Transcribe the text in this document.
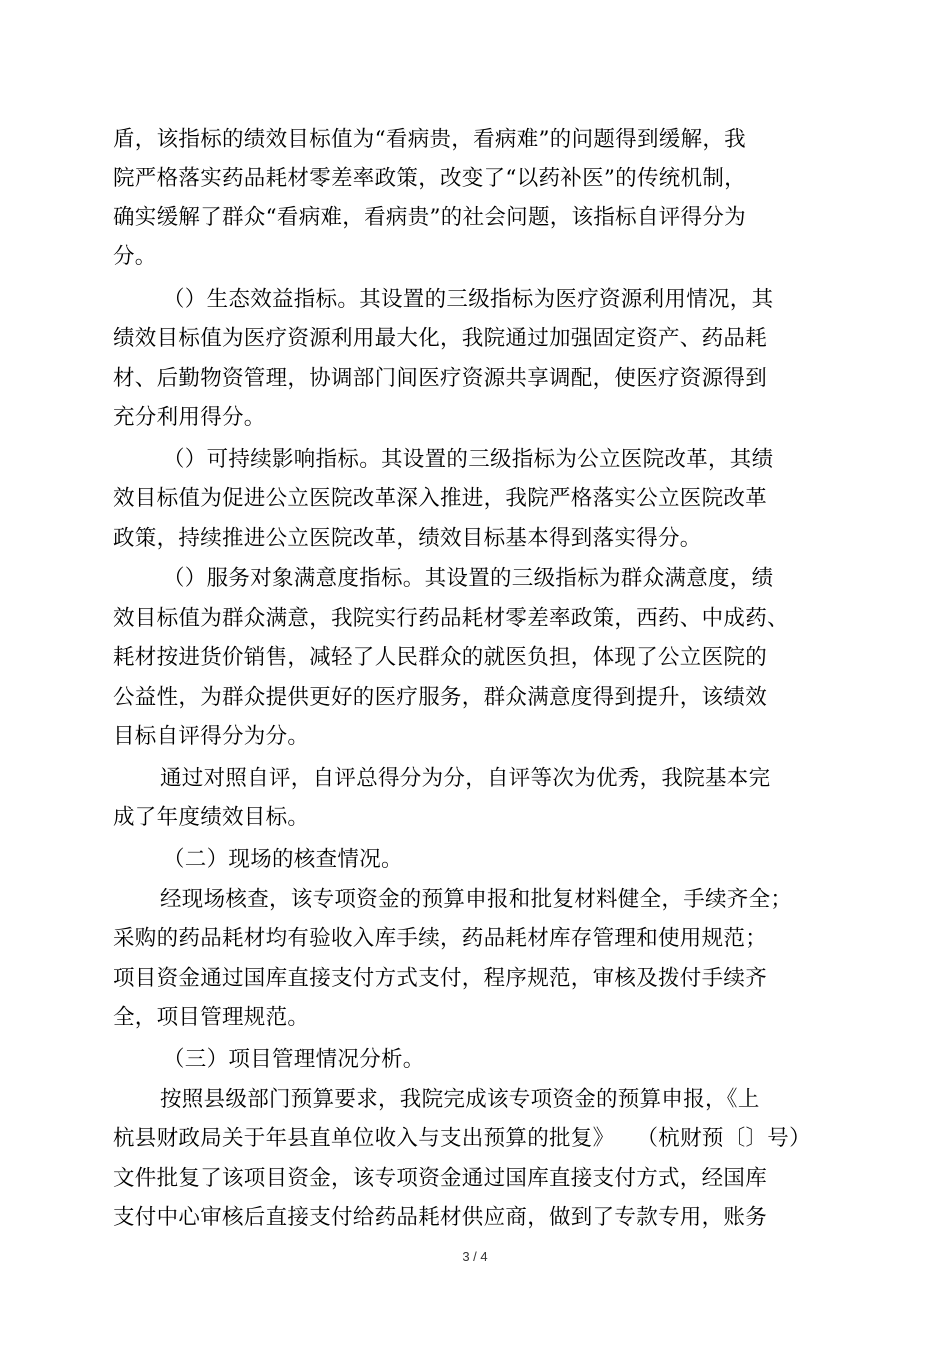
盾，该指标的绩效目标值为“看病贵，看病难”的问题得到缓解，我
院严格落实药品耗材零差率政策，改变了“以药补医”的传统机制，
确实缓解了群众“看病难，看病贵”的社会问题，该指标自评得分为
分。
（）生态效益指标。其设置的三级指标为医疗资源利用情况，其
绩效目标值为医疗资源利用最大化，我院通过加强固定资产、药品耗
材、后勤物资管理，协调部门间医疗资源共享调配，使医疗资源得到
充分利用得分。
（）可持续影响指标。其设置的三级指标为公立医院改革，其绩
效目标值为促进公立医院改革深入推进，我院严格落实公立医院改革
政策，持续推进公立医院改革，绩效目标基本得到落实得分。
（）服务对象满意度指标。其设置的三级指标为群众满意度，绩
效目标值为群众满意，我院实行药品耗材零差率政策，西药、中成药、
耗材按进货价销售，减轻了人民群众的就医负担，体现了公立医院的
公益性，为群众提供更好的医疗服务，群众满意度得到提升，该绩效
目标自评得分为分。
通过对照自评，自评总得分为分，自评等次为优秀，我院基本完
成了年度绩效目标。
（二）现场的核查情况。
经现场核查，该专项资金的预算申报和批复材料健全，手续齐全；
采购的药品耗材均有验收入库手续，药品耗材库存管理和使用规范；
项目资金通过国库直接支付方式支付，程序规范，审核及拨付手续齐
全，项目管理规范。
（三）项目管理情况分析。
按照县级部门预算要求，我院完成该专项资金的预算申报，《上
杭县财政局关于年县直单位收入与支出预算的批复》　　（杭财预〔〕号）
文件批复了该项目资金，该专项资金通过国库直接支付方式，经国库
支付中心审核后直接支付给药品耗材供应商，做到了专款专用，账务
3 / 4
